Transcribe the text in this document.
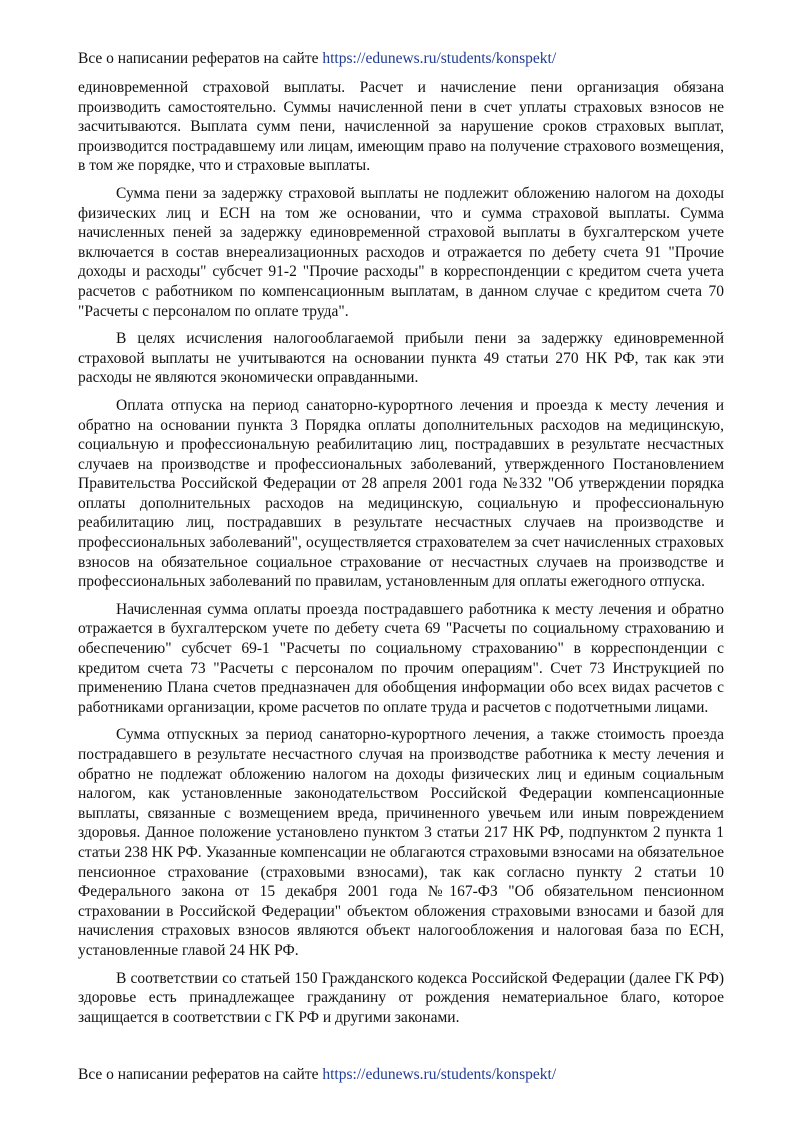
Все о написании рефератов на сайте https://edunews.ru/students/konspekt/

единовременной страховой выплаты. Расчет и начисление пени организация обязана производить самостоятельно. Суммы начисленной пени в счет уплаты страховых взносов не засчитываются. Выплата сумм пени, начисленной за нарушение сроков страховых выплат, производится пострадавшему или лицам, имеющим право на получение страхового возмещения, в том же порядке, что и страховые выплаты.

Сумма пени за задержку страховой выплаты не подлежит обложению налогом на доходы физических лиц и ЕСН на том же основании, что и сумма страховой выплаты. Сумма начисленных пеней за задержку единовременной страховой выплаты в бухгалтерском учете включается в состав внереализационных расходов и отражается по дебету счета 91 "Прочие доходы и расходы" субсчет 91-2 "Прочие расходы" в корреспонденции с кредитом счета учета расчетов с работником по компенсационным выплатам, в данном случае с кредитом счета 70 "Расчеты с персоналом по оплате труда".

В целях исчисления налогооблагаемой прибыли пени за задержку единовременной страховой выплаты не учитываются на основании пункта 49 статьи 270 НК РФ, так как эти расходы не являются экономически оправданными.

Оплата отпуска на период санаторно-курортного лечения и проезда к месту лечения и обратно на основании пункта 3 Порядка оплаты дополнительных расходов на медицинскую, социальную и профессиональную реабилитацию лиц, пострадавших в результате несчастных случаев на производстве и профессиональных заболеваний, утвержденного Постановлением Правительства Российской Федерации от 28 апреля 2001 года №332 "Об утверждении порядка оплаты дополнительных расходов на медицинскую, социальную и профессиональную реабилитацию лиц, пострадавших в результате несчастных случаев на производстве и профессиональных заболеваний", осуществляется страхователем за счет начисленных страховых взносов на обязательное социальное страхование от несчастных случаев на производстве и профессиональных заболеваний по правилам, установленным для оплаты ежегодного отпуска.

Начисленная сумма оплаты проезда пострадавшего работника к месту лечения и обратно отражается в бухгалтерском учете по дебету счета 69 "Расчеты по социальному страхованию и обеспечению" субсчет 69-1 "Расчеты по социальному страхованию" в корреспонденции с кредитом счета 73 "Расчеты с персоналом по прочим операциям". Счет 73 Инструкцией по применению Плана счетов предназначен для обобщения информации обо всех видах расчетов с работниками организации, кроме расчетов по оплате труда и расчетов с подотчетными лицами.

Сумма отпускных за период санаторно-курортного лечения, а также стоимость проезда пострадавшего в результате несчастного случая на производстве работника к месту лечения и обратно не подлежат обложению налогом на доходы физических лиц и единым социальным налогом, как установленные законодательством Российской Федерации компенсационные выплаты, связанные с возмещением вреда, причиненного увечьем или иным повреждением здоровья. Данное положение установлено пунктом 3 статьи 217 НК РФ, подпунктом 2 пункта 1 статьи 238 НК РФ. Указанные компенсации не облагаются страховыми взносами на обязательное пенсионное страхование (страховыми взносами), так как согласно пункту 2 статьи 10 Федерального закона от 15 декабря 2001 года №167-ФЗ "Об обязательном пенсионном страховании в Российской Федерации" объектом обложения страховыми взносами и базой для начисления страховых взносов являются объект налогообложения и налоговая база по ЕСН, установленные главой 24 НК РФ.

В соответствии со статьей 150 Гражданского кодекса Российской Федерации (далее ГК РФ) здоровье есть принадлежащее гражданину от рождения нематериальное благо, которое защищается в соответствии с ГК РФ и другими законами.

Все о написании рефератов на сайте https://edunews.ru/students/konspekt/
